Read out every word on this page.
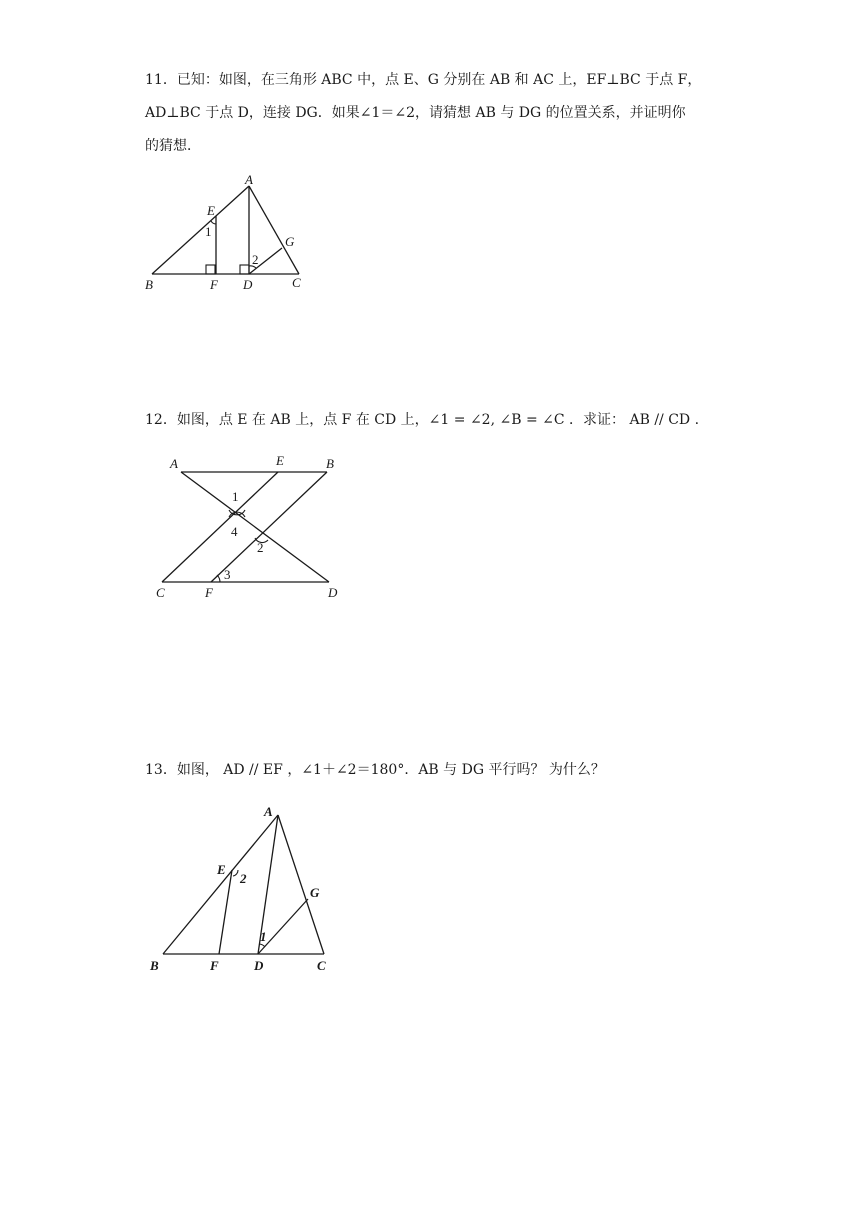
11．已知：如图，在三角形 ABC 中，点 E、G 分别在 AB 和 AC 上，EF⊥BC 于点 F，
AD⊥BC 于点 D，连接 DG．如果∠1＝∠2，请猜想 AB 与 DG 的位置关系，并证明你
的猜想．
A
E
1
G
2
B	F D	C
12．如图，点 E 在 AB 上，点 F 在 CD 上，∠1 = ∠2, ∠B = ∠C ．求证： AB // CD .
A	E	B
1
4
2
3
C	F	D
13．如图， AD // EF ，∠1＋∠2＝180°．AB 与 DG 平行吗？ 为什么？
A
E
2
G
1
B	F	D	C
